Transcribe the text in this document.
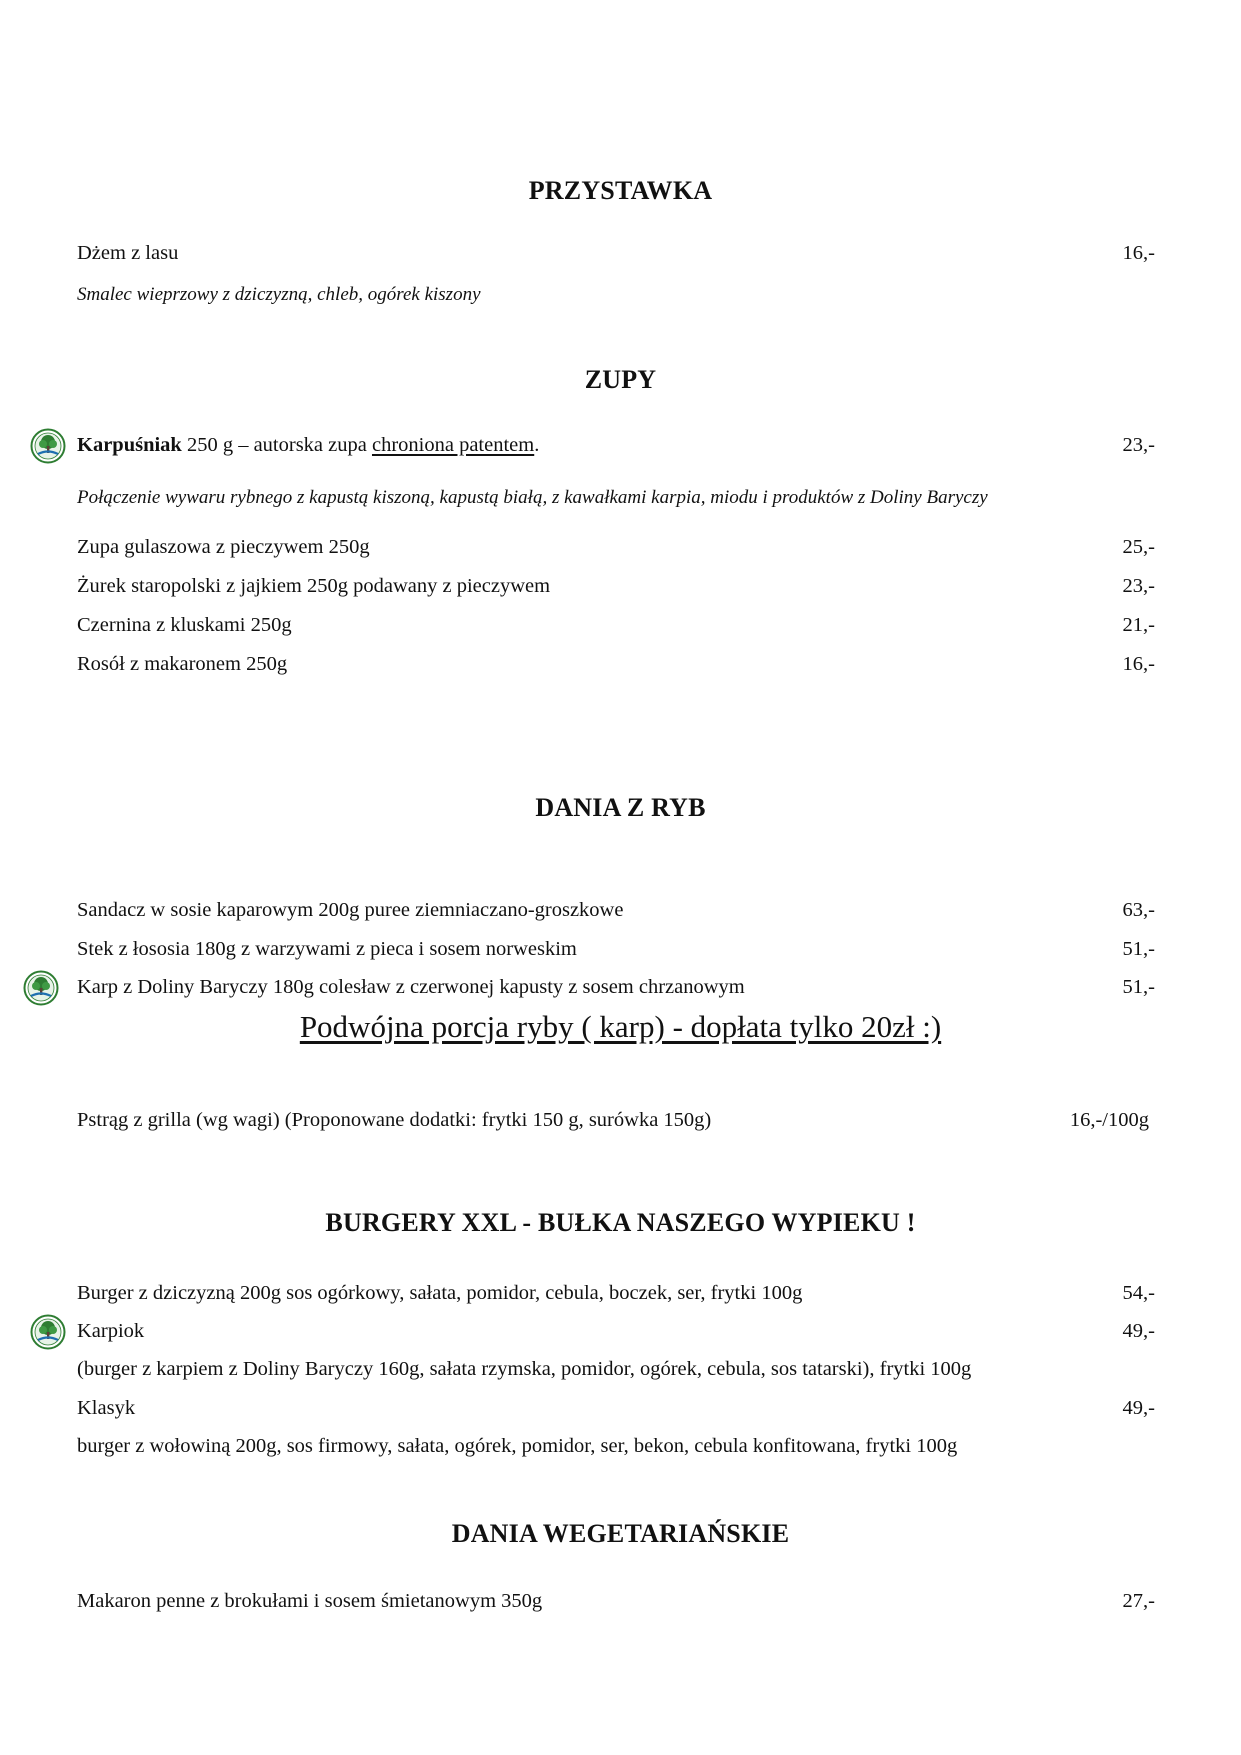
PRZYSTAWKA
Dżem z lasu	16,-
Smalec wieprzowy z dziczyzną, chleb, ogórek kiszony
ZUPY
Karpuśniak 250 g – autorska zupa chroniona patentem.	23,-
Połączenie wywaru rybnego z kapustą kiszoną, kapustą białą, z kawałkami karpia, miodu i produktów z Doliny Baryczy
Zupa gulaszowa z pieczywem 250g	25,-
Żurek staropolski z jajkiem 250g podawany z pieczywem	23,-
Czernina z kluskami 250g	21,-
Rosół z makaronem 250g	16,-
DANIA Z RYB
Sandacz w sosie kaparowym 200g puree ziemniaczano-groszkowe	63,-
Stek z łososia 180g z warzywami z pieca i sosem norweskim	51,-
Karp z Doliny Baryczy 180g colesław z czerwonej kapusty z sosem chrzanowym	51,-
Podwójna porcja ryby ( karp) - dopłata tylko 20zł :)
Pstrąg z grilla (wg wagi) (Proponowane dodatki: frytki 150 g, surówka 150g)	16,-/100g
BURGERY XXL - BUŁKA NASZEGO WYPIEKU !
Burger z dziczyzną 200g sos ogórkowy, sałata, pomidor, cebula, boczek, ser, frytki 100g	54,-
Karpiok	49,-
(burger z karpiem z Doliny Baryczy 160g, sałata rzymska, pomidor, ogórek, cebula, sos tatarski), frytki 100g
Klasyk	49,-
burger z wołowiną 200g, sos firmowy, sałata, ogórek, pomidor, ser, bekon, cebula konfitowana, frytki 100g
DANIA WEGETARIAŃSKIE
Makaron penne z brokułami i sosem śmietanowym 350g	27,-
